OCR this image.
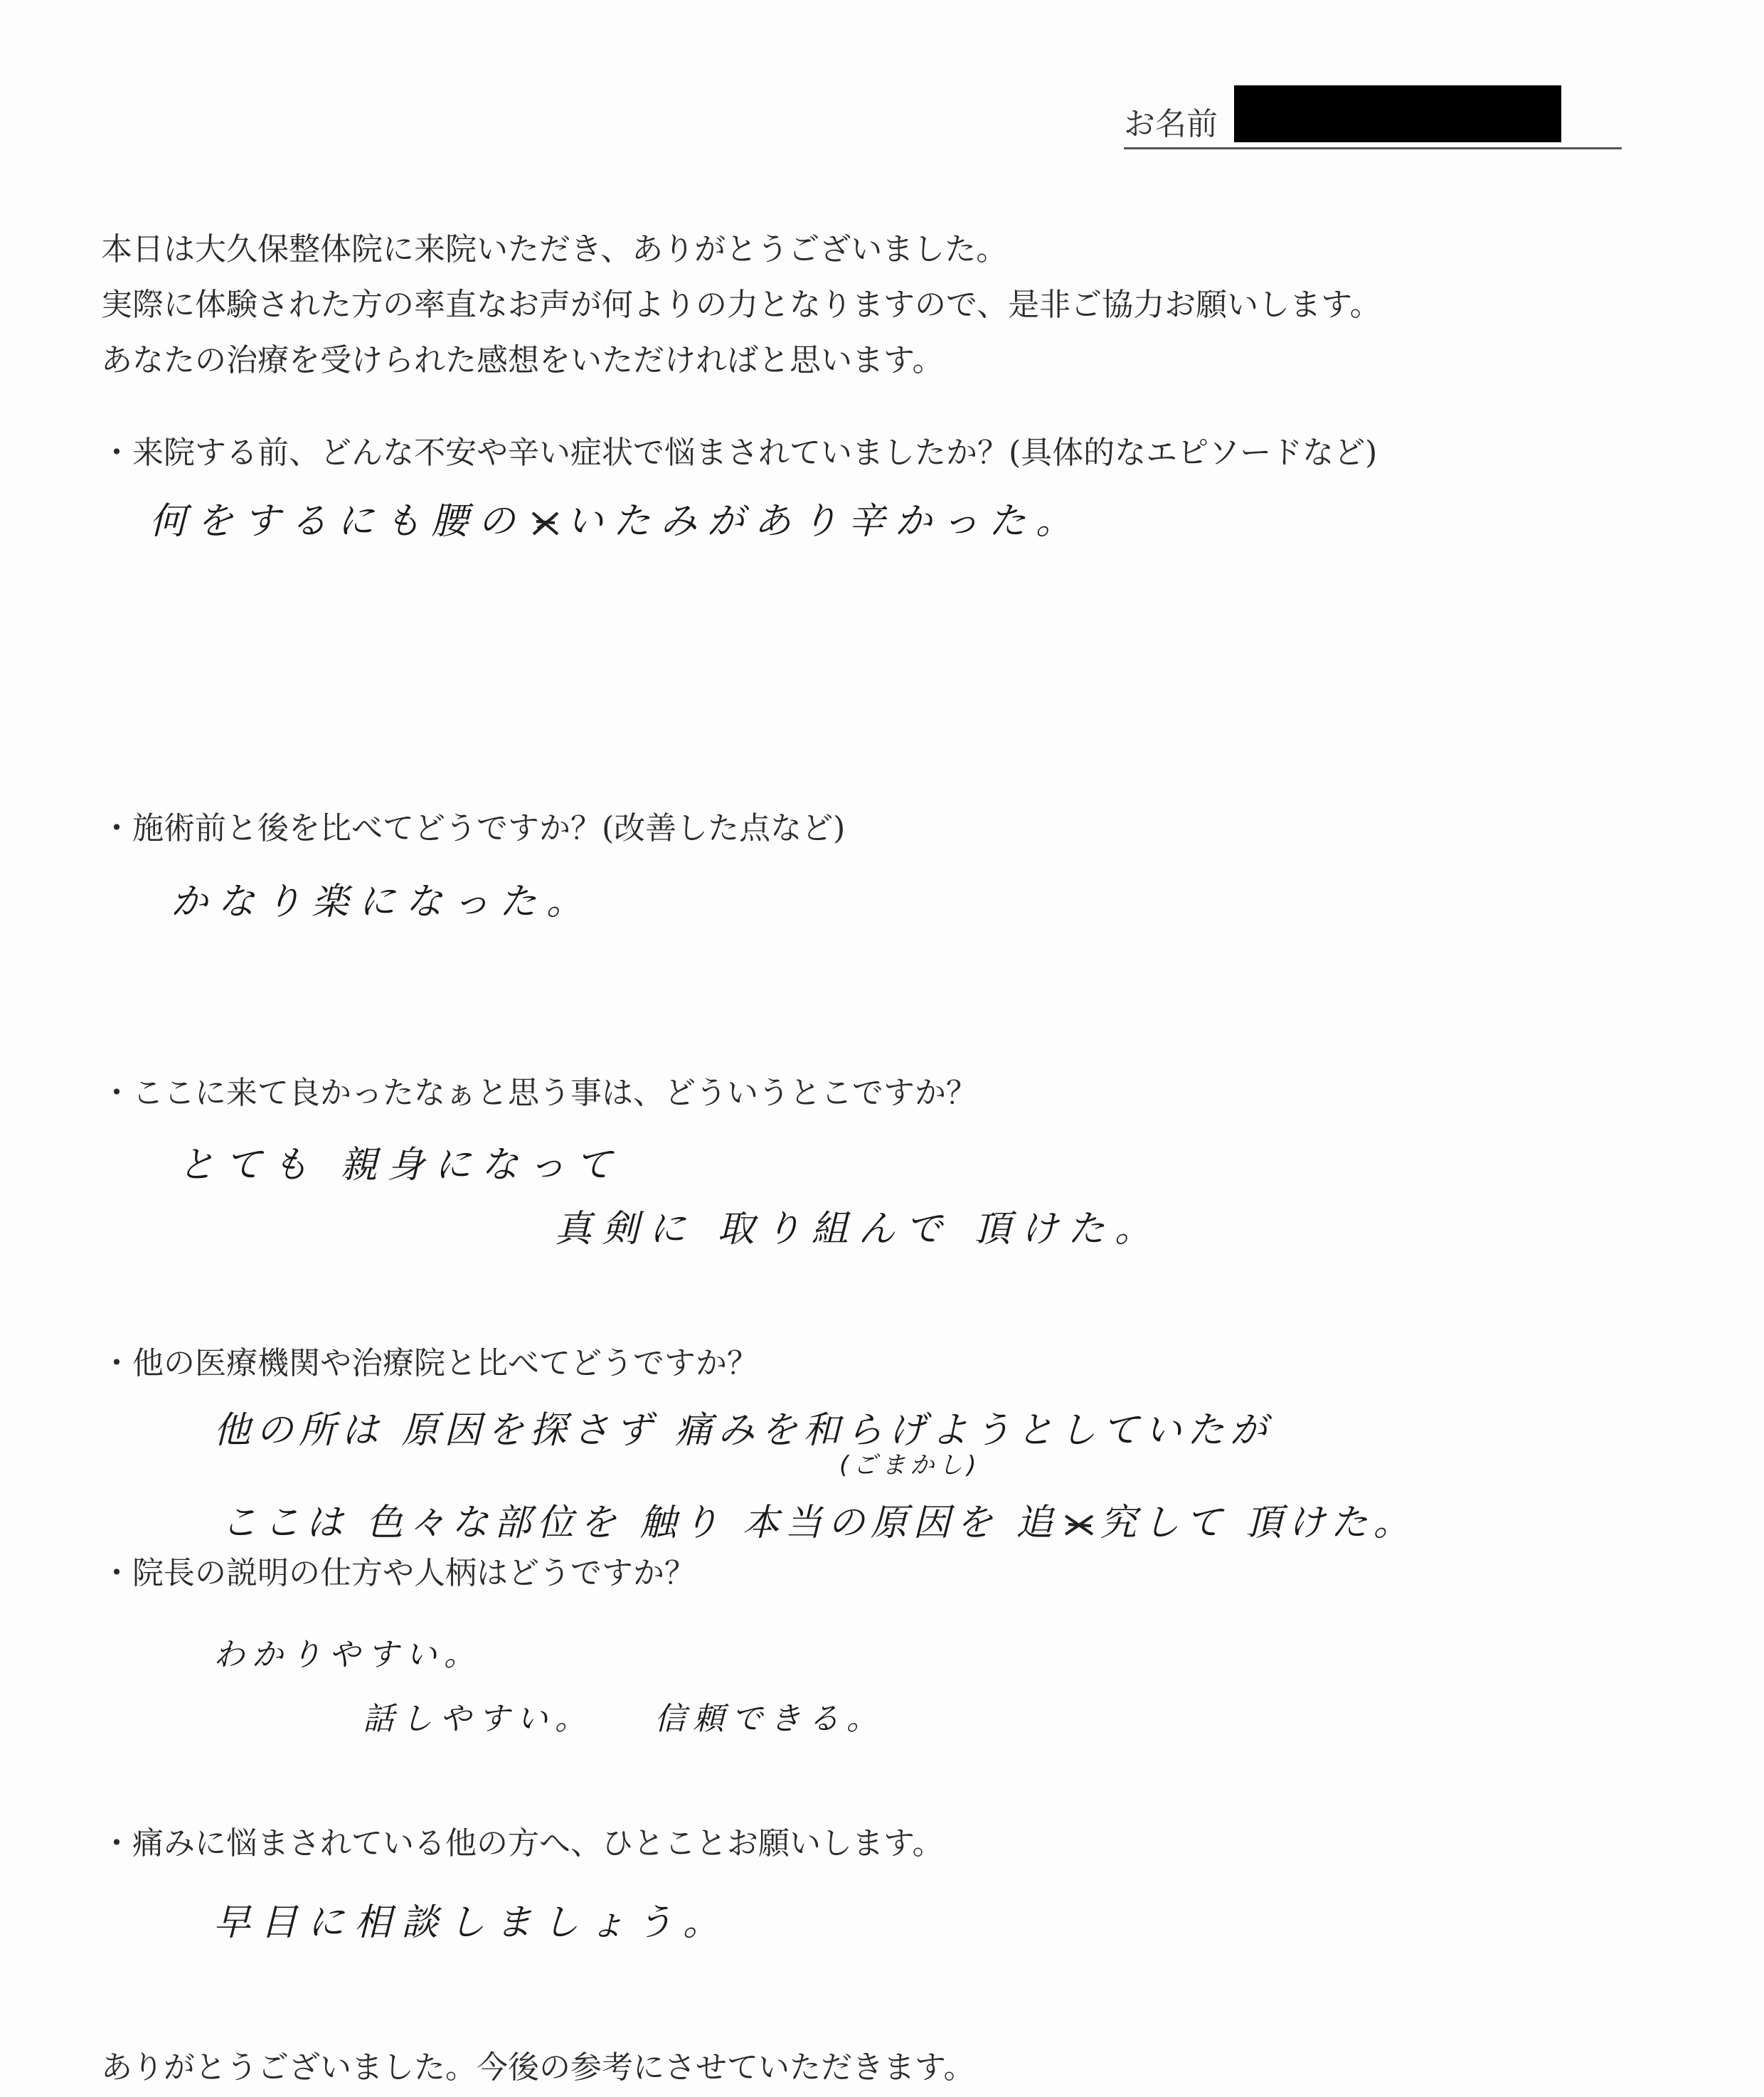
お名前

本日は大久保整体院に来院いただき、ありがとうございました。

実際に体験された方の率直なお声が何よりの力となりますので、是非ご協力お願いします。

あなたの治療を受けられた感想をいただければと思います。

・来院する前、どんな不安や辛い症状で悩まされていましたか？(具体的なエピソードなど)
何をするにも腰の いたみがあり辛かった。
・施術前と後を比べてどうですか？(改善した点など)
かなり楽になった。
・ここに来て良かったなぁと思う事は、どういうとこですか？
とても 親身になって
真剣に 取り組んで 頂けた。
・他の医療機関や治療院と比べてどうですか？
他の所は 原因を探さず 痛みを和らげようとしていたが
(ごまかし)
ここは 色々な部位を 触り 本当の原因を 追 究して 頂けた。
・院長の説明の仕方や人柄はどうですか？
わかりやすい。
話しやすい。 信頼できる。
・痛みに悩まされている他の方へ、ひとことお願いします。
早目に相談しましょう。
ありがとうございました。今後の参考にさせていただきます。
